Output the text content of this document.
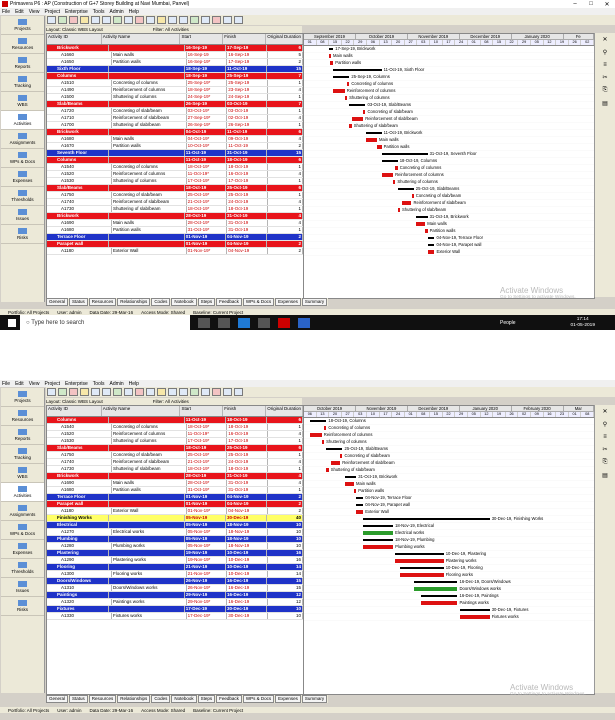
Primavera P6 : AP (Construction of G+7 Storey Building at Navi Mumbai, Panvel)	–	□	✕
File Edit View Project Enterprise Tools Admin Help
Projects
Resources
Reports
Tracking
WBS
Activities
Assignments
WPs & Docs
Expenses
Thresholds
Issues
Risks
Layout: Classic WBS Layout	Filter: All Activities
Activity ID	Activity Name	Start	Finish	Original Duration
Brickwork	16-Sep-19	17-Sep-19	6
A1660	Main walls	16-Sep-19	16-Sep-19	5
A1650	Partition walls	16-Sep-19*	17-Sep-19	2
Sixth Floor	18-Sep-19	11-Oct-19	15
Columns	18-Sep-19	25-Sep-19	7
A1510	Concreting of columns	25-Sep-19*	25-Sep-19	1
A1490	Reinforcement of columns	18-Sep-19*	23-Sep-19	4
A1500	Shuttering of columns	24-Sep-19*	24-Sep-19	1
Slab/Beams	26-Sep-19	03-Oct-19	7
A1720	Concreting of slab/beam	03-Oct-19*	03-Oct-19	1
A1710	Reinforcement of slab/beam	27-Sep-19*	02-Oct-19	4
A1700	Shuttering of slab/beam	26-Sep-19*	26-Sep-19	1
Brickwork	04-Oct-19	11-Oct-19	6
A1680	Main walls	04-Oct-19*	09-Oct-19	4
A1670	Partition walls	10-Oct-19*	11-Oct-19	2
Seventh Floor	11-Oct-19	31-Oct-19	15
Columns	11-Oct-19	18-Oct-19	6
A1540	Concreting of columns	18-Oct-19*	18-Oct-19	1
A1520	Reinforcement of columns	11-Oct-19*	16-Oct-19	4
A1530	Shuttering of columns	17-Oct-19*	17-Oct-19	1
Slab/Beams	18-Oct-19	25-Oct-19	6
A1750	Concreting of slab/beam	25-Oct-19*	25-Oct-19	1
A1740	Reinforcement of slab/beam	21-Oct-19*	24-Oct-19	4
A1730	Shuttering of slab/beam	18-Oct-19*	18-Oct-19	1
Brickwork	28-Oct-19	31-Oct-19	4
A1690	Main walls	28-Oct-19*	31-Oct-19	4
A1680	Partition walls	31-Oct-19*	31-Oct-19	1
Terrace Floor	01-Nov-19	04-Nov-19	2
Parapet wall	01-Nov-19	04-Nov-19	2
A1180	Exterior Wall	01-Nov-19*	04-Nov-19	2
September 2019	October 2019	November 2019	December 2019	January 2020	Fe
01	08	15	22	29	06	13	20	27	03	10	17	24	01	08	15	22	29	05	12	19	26	02
17-Sep-19, Brickwork
Main walls
Partition walls
11-Oct-19, Sixth Floor
25-Sep-19, Columns
Concreting of columns
Reinforcement of columns
Shuttering of columns
03-Oct-19, Slab/Beams
Concreting of slab/beam
Reinforcement of slab/beam
Shuttering of slab/beam
11-Oct-19, Brickwork
Main walls
Partition walls
31-Oct-19, Seventh Floor
18-Oct-19, Columns
Concreting of columns
Reinforcement of columns
Shuttering of columns
25-Oct-19, Slab/Beams
Concreting of slab/beam
Reinforcement of slab/beam
Shuttering of slab/beam
31-Oct-19, Brickwork
Main walls
Partition walls
04-Nov-19, Terrace Floor
04-Nov-19, Parapet wall
Exterior Wall
✕
⚲
≡
✂
⎘
▤
General	Status	Resources	Relationships	Codes	Notebook	Steps	Feedback	WPs & Docs	Expenses	Summary
Portfolio: All Projects User: admin Data Date: 29-Mar-16 Access Mode: Shared Baseline: Current Project
Activate Windows
Go to Settings to activate Windows.
○ Type here to search	People
17:14
01-05-2019
File Edit View Project Enterprise Tools Admin Help
Projects
Resources
Reports
Tracking
WBS
Activities
Assignments
WPs & Docs
Expenses
Thresholds
Issues
Risks
Layout: Classic WBS Layout	Filter: All Activities
Activity ID	Activity Name	Start	Finish	Original Duration
Columns	11-Oct-19	18-Oct-19	6
A1540	Concreting of columns	18-Oct-19*	18-Oct-19	1
A1520	Reinforcement of columns	11-Oct-19*	16-Oct-19	4
A1530	Shuttering of columns	17-Oct-19*	17-Oct-19	1
Slab/Beams	18-Oct-19	25-Oct-19	6
A1750	Concreting of slab/beam	25-Oct-19*	25-Oct-19	1
A1740	Reinforcement of slab/beam	21-Oct-19*	24-Oct-19	4
A1730	Shuttering of slab/beam	18-Oct-19*	18-Oct-19	1
Brickwork	28-Oct-19	31-Oct-19	4
A1690	Main walls	28-Oct-19*	31-Oct-19	4
A1680	Partition walls	31-Oct-19*	31-Oct-19	1
Terrace Floor	01-Nov-19	04-Nov-19	2
Parapet wall	01-Nov-19	04-Nov-19	2
A1180	Exterior Wall	01-Nov-19*	04-Nov-19	2
Finishing Works	05-Nov-19	30-Dec-19	40
Electrical	05-Nov-19	18-Nov-19	10
A1270	Electrical works	05-Nov-19*	18-Nov-19	10
Plumbing	05-Nov-19	18-Nov-19	10
A1280	Plumbing works	05-Nov-19*	18-Nov-19	10
Plastering	19-Nov-19	10-Dec-19	16
A1290	Plastering works	19-Nov-19*	10-Dec-19	16
Flooring	21-Nov-19	10-Dec-19	14
A1300	Flooring works	21-Nov-19*	10-Dec-19	14
Doors/Windows	26-Nov-19	16-Dec-19	15
A1310	Doors/Windows works	26-Nov-19*	16-Dec-19	15
Paintings	29-Nov-19	16-Dec-19	12
A1320	Paintings works	29-Nov-19*	16-Dec-19	12
Fixtures	17-Dec-19	30-Dec-19	10
A1330	Fixtures works	17-Dec-19*	30-Dec-19	10
October 2019	November 2019	December 2019	January 2020	February 2020	Mar
06	13	20	27	03	10	17	24	01	08	15	22	29	05	12	19	26	02	09	16	23	01	08
18-Oct-19, Columns
Concreting of columns
Reinforcement of columns
Shuttering of columns
25-Oct-19, Slab/Beams
Concreting of slab/beam
Reinforcement of slab/beam
Shuttering of slab/beam
31-Oct-19, Brickwork
Main walls
Partition walls
04-Nov-19, Terrace Floor
04-Nov-19, Parapet wall
Exterior Wall
30-Dec-19, Finishing Works
18-Nov-19, Electrical
Electrical works
18-Nov-19, Plumbing
Plumbing works
10-Dec-19, Plastering
Plastering works
10-Dec-19, Flooring
Flooring works
16-Dec-19, Doors/Windows
Doors/Windows works
16-Dec-19, Paintings
Paintings works
30-Dec-19, Fixtures
Fixtures works
✕
⚲
≡
✂
⎘
▤
General	Status	Resources	Relationships	Codes	Notebook	Steps	Feedback	WPs & Docs	Expenses	Summary
Portfolio: All Projects User: admin Data Date: 29-Mar-16 Access Mode: Shared Baseline: Current Project
Activate Windows
Go to Settings to activate Windows.
